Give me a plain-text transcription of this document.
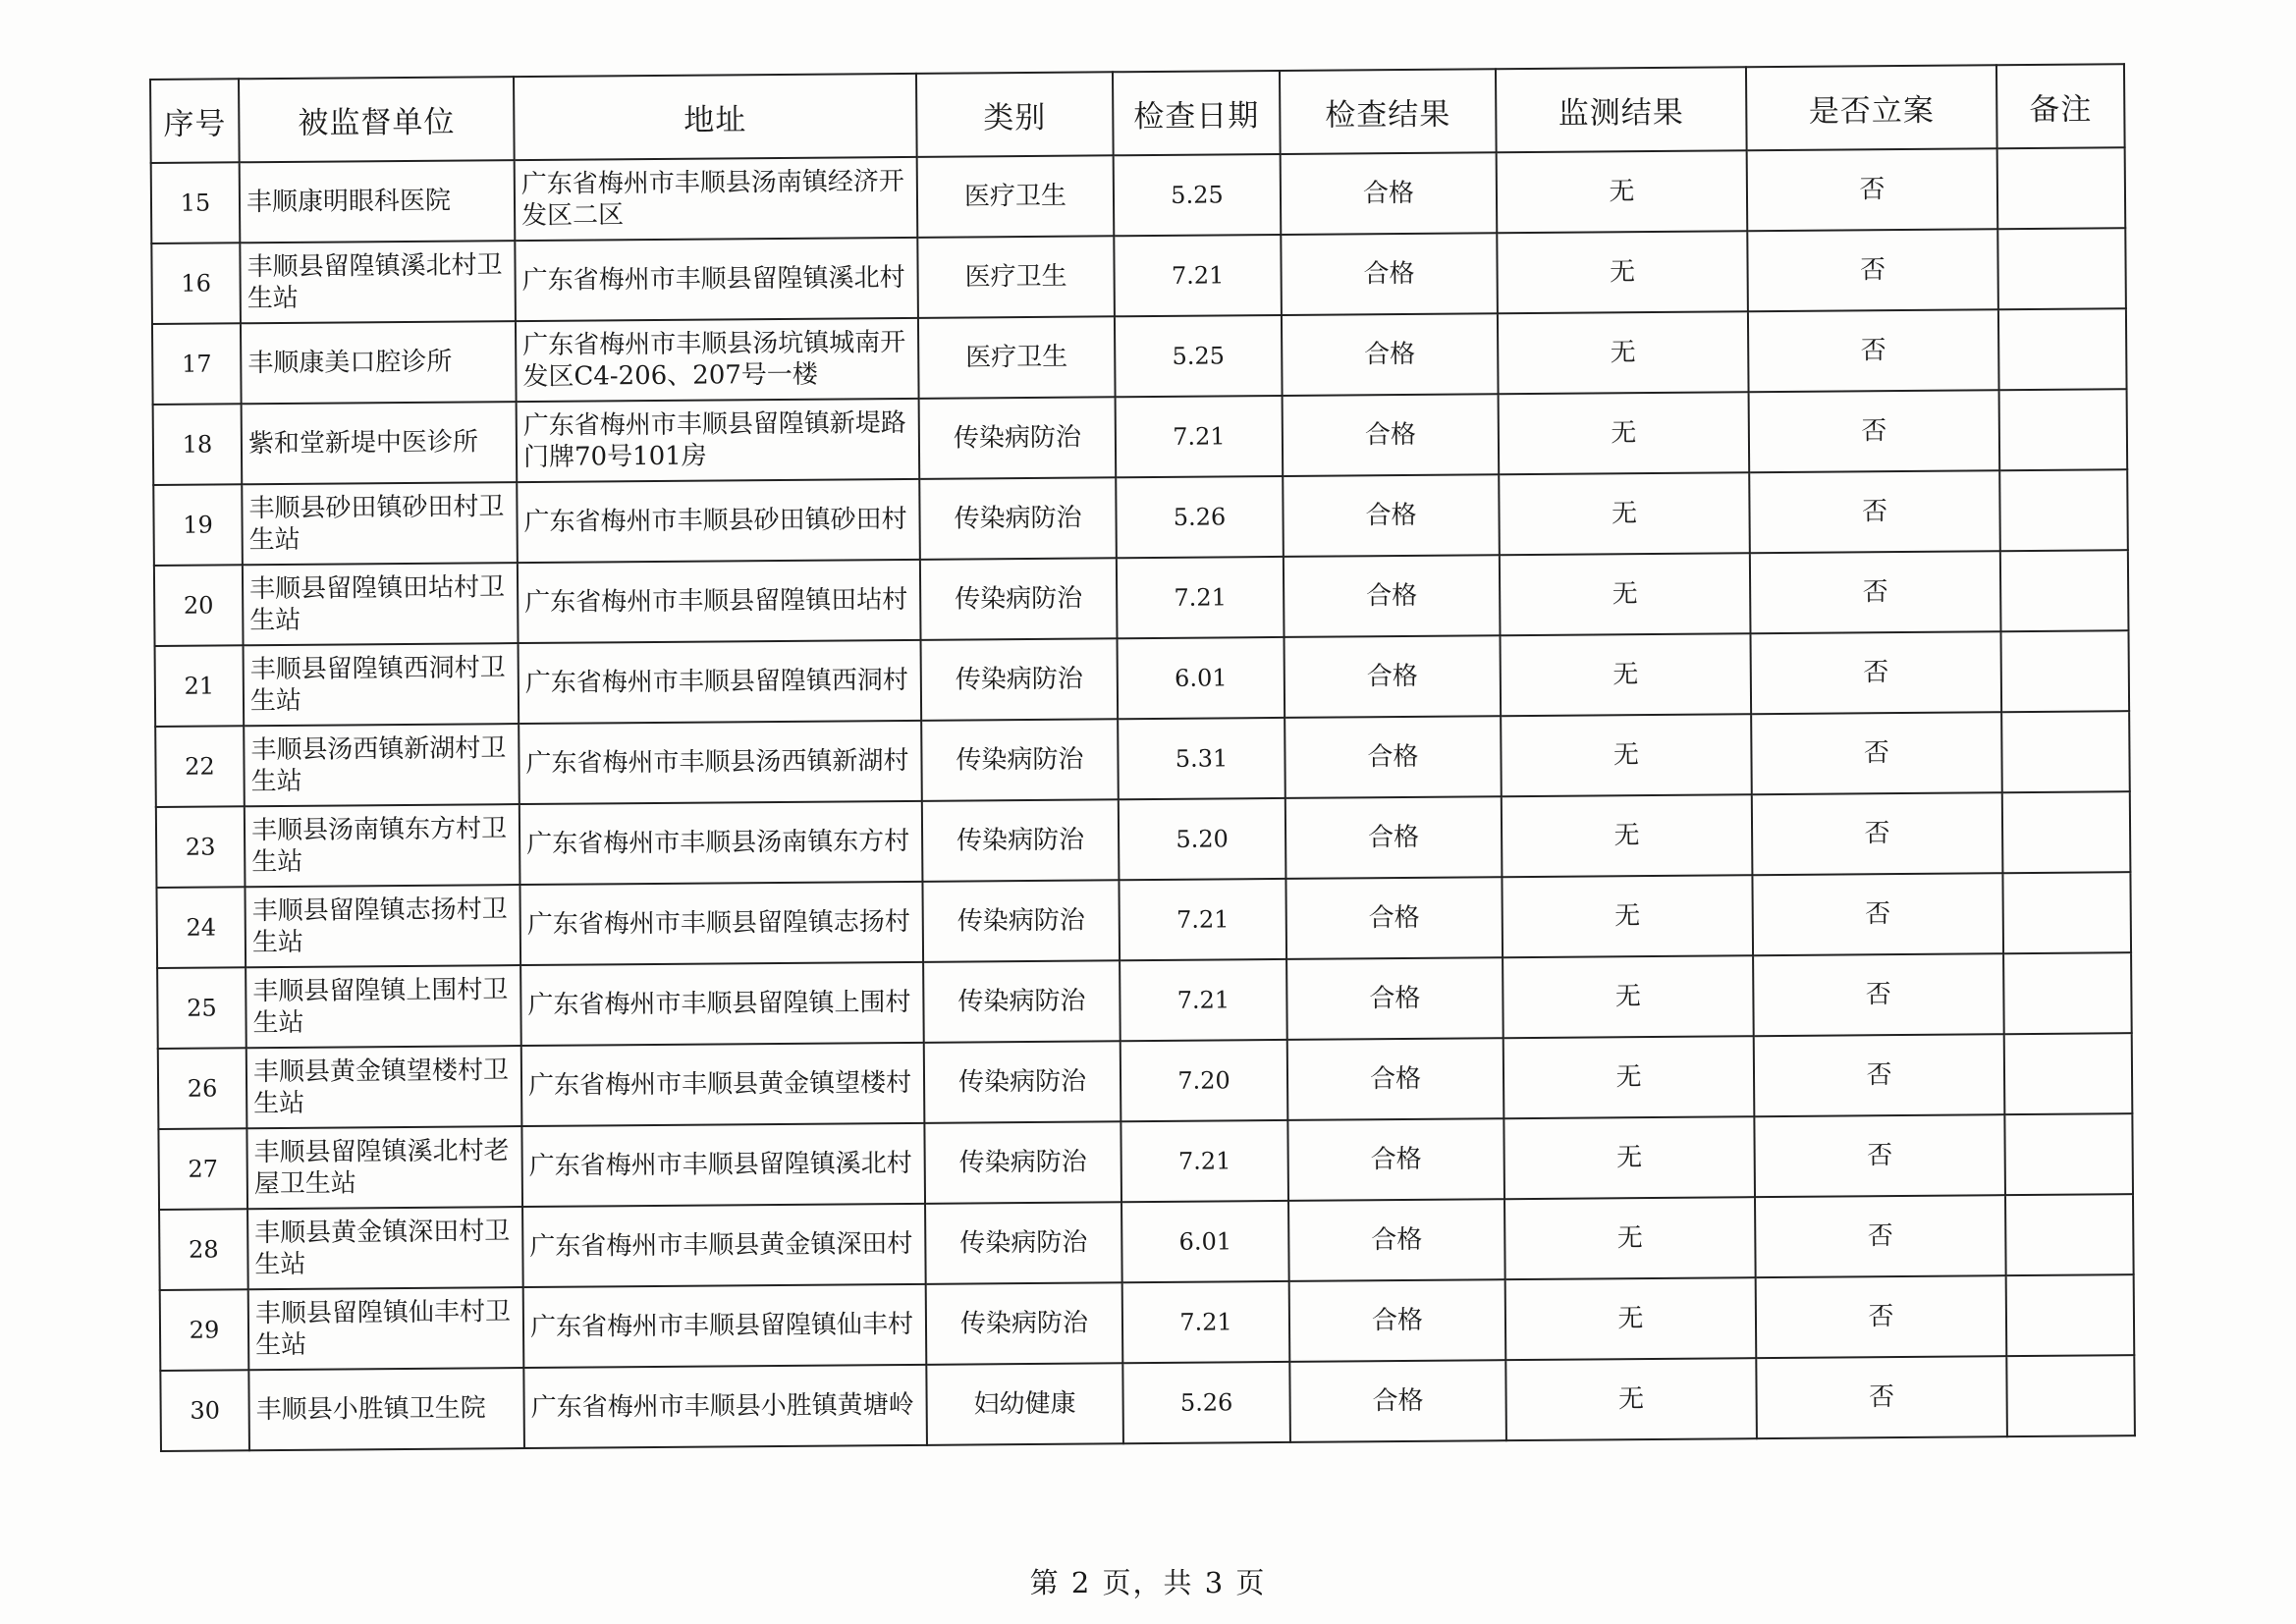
序号	被监督单位	地址	类别	检查日期	检查结果	监测结果	是否立案	备注
15	丰顺康明眼科医院	广东省梅州市丰顺县汤南镇经济开发区二区	医疗卫生	5.25	合格	无	否	
16	丰顺县留隍镇溪北村卫生站	广东省梅州市丰顺县留隍镇溪北村	医疗卫生	7.21	合格	无	否	
17	丰顺康美口腔诊所	广东省梅州市丰顺县汤坑镇城南开发区C4-206、207号一楼	医疗卫生	5.25	合格	无	否	
18	紫和堂新堤中医诊所	广东省梅州市丰顺县留隍镇新堤路门牌70号101房	传染病防治	7.21	合格	无	否	
19	丰顺县砂田镇砂田村卫生站	广东省梅州市丰顺县砂田镇砂田村	传染病防治	5.26	合格	无	否	
20	丰顺县留隍镇田坫村卫生站	广东省梅州市丰顺县留隍镇田坫村	传染病防治	7.21	合格	无	否	
21	丰顺县留隍镇西洞村卫生站	广东省梅州市丰顺县留隍镇西洞村	传染病防治	6.01	合格	无	否	
22	丰顺县汤西镇新湖村卫生站	广东省梅州市丰顺县汤西镇新湖村	传染病防治	5.31	合格	无	否	
23	丰顺县汤南镇东方村卫生站	广东省梅州市丰顺县汤南镇东方村	传染病防治	5.20	合格	无	否	
24	丰顺县留隍镇志扬村卫生站	广东省梅州市丰顺县留隍镇志扬村	传染病防治	7.21	合格	无	否	
25	丰顺县留隍镇上围村卫生站	广东省梅州市丰顺县留隍镇上围村	传染病防治	7.21	合格	无	否	
26	丰顺县黄金镇望楼村卫生站	广东省梅州市丰顺县黄金镇望楼村	传染病防治	7.20	合格	无	否	
27	丰顺县留隍镇溪北村老屋卫生站	广东省梅州市丰顺县留隍镇溪北村	传染病防治	7.21	合格	无	否	
28	丰顺县黄金镇深田村卫生站	广东省梅州市丰顺县黄金镇深田村	传染病防治	6.01	合格	无	否	
29	丰顺县留隍镇仙丰村卫生站	广东省梅州市丰顺县留隍镇仙丰村	传染病防治	7.21	合格	无	否	
30	丰顺县小胜镇卫生院	广东省梅州市丰顺县小胜镇黄塘岭	妇幼健康	5.26	合格	无	否	
第 2 页，共 3 页
